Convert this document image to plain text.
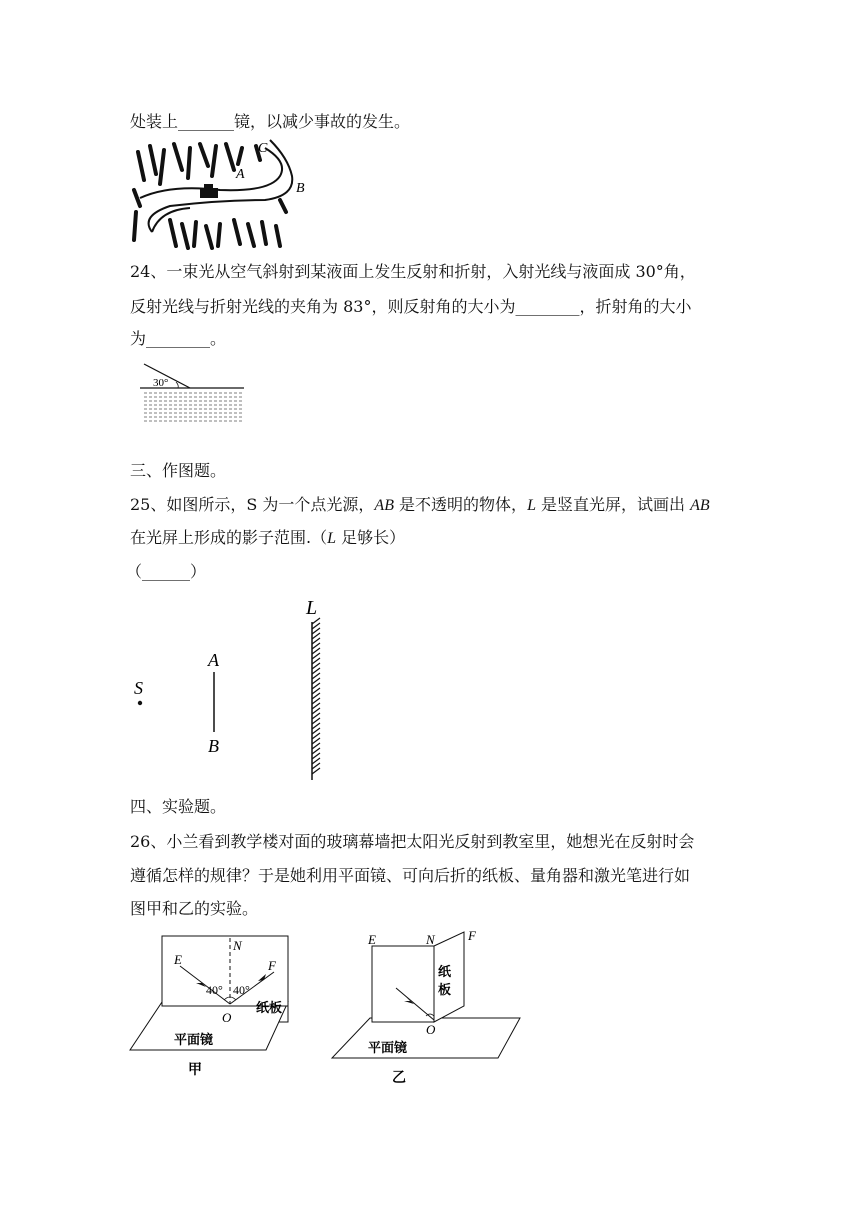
处装上_______镜，以减少事故的发生。
A
B
C
24、一束光从空气斜射到某液面上发生反射和折射，入射光线与液面成 30°角，
反射光线与折射光线的夹角为 83°，则反射角的大小为________，折射角的大小
为________。
30°
三、作图题。
25、如图所示，S 为一个点光源，AB 是不透明的物体，L 是竖直光屏，试画出 AB
在光屏上形成的影子范围.（L 足够长）
（______）
L
A
S
B
四、实验题。
26、小兰看到教学楼对面的玻璃幕墙把太阳光反射到教室里，她想光在反射时会
遵循怎样的规律？于是她利用平面镜、可向后折的纸板、量角器和激光笔进行如
图甲和乙的实验。
E
N
F
40° 40°
纸板
O
平面镜
甲
E	N	F
纸
板
O
平面镜
乙
